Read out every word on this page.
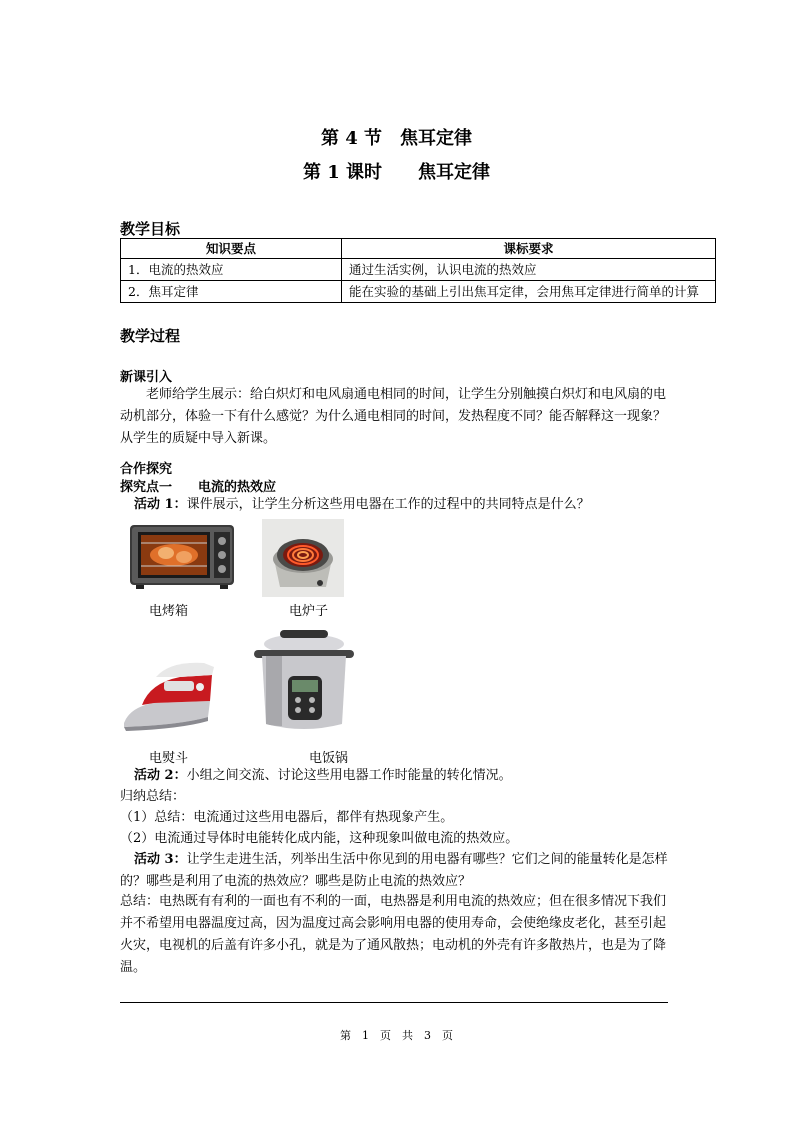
第 4 节　焦耳定律
第 1 课时　　焦耳定律
教学目标
知识要点	课标要求
1．电流的热效应	通过生活实例，认识电流的热效应
2．焦耳定律	能在实验的基础上引出焦耳定律，会用焦耳定律进行简单的计算
教学过程
新课引入
老师给学生展示：给白炽灯和电风扇通电相同的时间，让学生分别触摸白炽灯和电风扇的电动机部分，体验一下有什么感觉？为什么通电相同的时间，发热程度不同？能否解释这一现象？从学生的质疑中导入新课。
合作探究
探究点一　　电流的热效应
活动 1：课件展示，让学生分析这些用电器在工作的过程中的共同特点是什么？
电烤箱	电炉子
电熨斗	电饭锅
活动 2：小组之间交流、讨论这些用电器工作时能量的转化情况。
归纳总结：
（1）总结：电流通过这些用电器后，都伴有热现象产生。
（2）电流通过导体时电能转化成内能，这种现象叫做电流的热效应。
活动 3：让学生走进生活，列举出生活中你见到的用电器有哪些？它们之间的能量转化是怎样的？哪些是利用了电流的热效应？哪些是防止电流的热效应？
总结：电热既有有利的一面也有不利的一面，电热器是利用电流的热效应；但在很多情况下我们并不希望用电器温度过高，因为温度过高会影响用电器的使用寿命，会使绝缘皮老化，甚至引起火灾，电视机的后盖有许多小孔，就是为了通风散热；电动机的外壳有许多散热片，也是为了降温。
第　1　页　共　3　页
